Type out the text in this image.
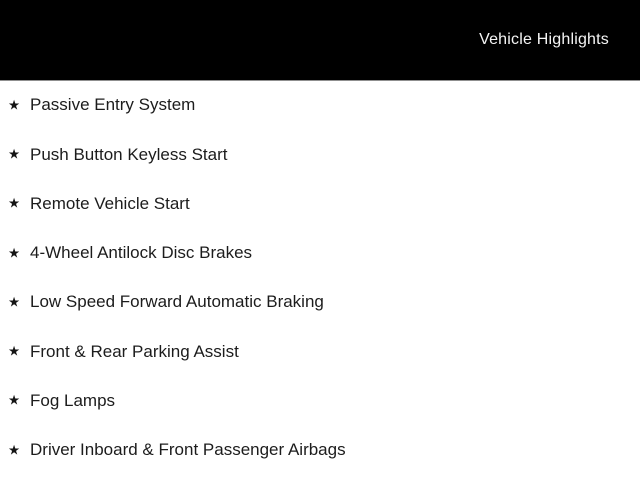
Vehicle Highlights
★ Passive Entry System
★ Push Button Keyless Start
★ Remote Vehicle Start
★ 4-Wheel Antilock Disc Brakes
★ Low Speed Forward Automatic Braking
★ Front & Rear Parking Assist
★ Fog Lamps
★ Driver Inboard & Front Passenger Airbags
